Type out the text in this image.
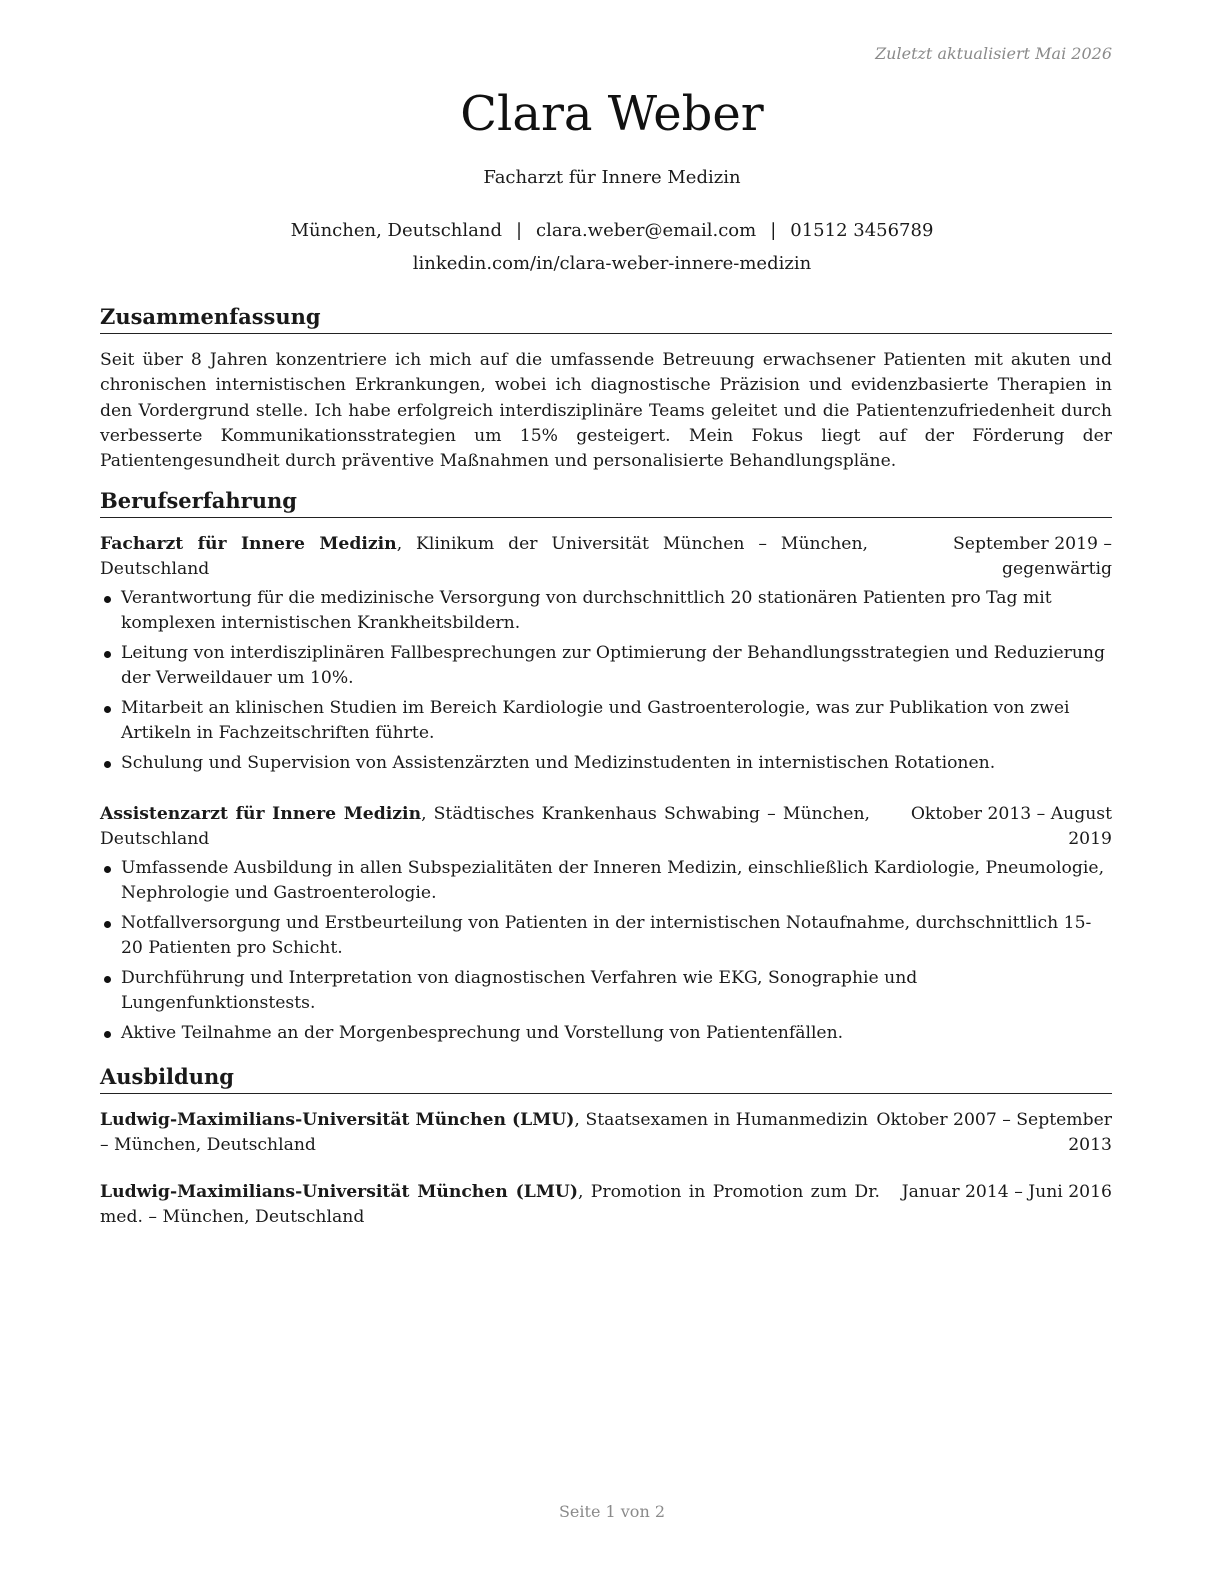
Zuletzt aktualisiert Mai 2026
Clara Weber
Facharzt für Innere Medizin
München, Deutschland | clara.weber@email.com | 01512 3456789
linkedin.com/in/clara-weber-innere-medizin
Zusammenfassung

Seit über 8 Jahren konzentriere ich mich auf die umfassende Betreuung erwachsener Patienten mit akuten und chronischen internistischen Erkrankungen, wobei ich diagnostische Präzision und evidenzbasierte Therapien in den Vordergrund stelle. Ich habe erfolgreich interdisziplinäre Teams geleitet und die Patientenzufriedenheit durch verbesserte Kommunikationsstrategien um 15% gesteigert. Mein Fokus liegt auf der Förderung der Patientengesundheit durch präventive Maßnahmen und personalisierte Behandlungspläne.

Berufserfahrung
Facharzt für Innere Medizin, Klinikum der Universität München – München, Deutschland
September 2019 – gegenwärtig
Verantwortung für die medizinische Versorgung von durchschnittlich 20 stationären Patienten pro Tag mit komplexen internistischen Krankheitsbildern.
Leitung von interdisziplinären Fallbesprechungen zur Optimierung der Behandlungsstrategien und Reduzierung der Verweildauer um 10%.
Mitarbeit an klinischen Studien im Bereich Kardiologie und Gastroenterologie, was zur Publikation von zwei Artikeln in Fachzeitschriften führte.
Schulung und Supervision von Assistenzärzten und Medizinstudenten in internistischen Rotationen.
Assistenzarzt für Innere Medizin, Städtisches Krankenhaus Schwabing – München, Deutschland
Oktober 2013 – August 2019
Umfassende Ausbildung in allen Subspezialitäten der Inneren Medizin, einschließlich Kardiologie, Pneumologie, Nephrologie und Gastroenterologie.
Notfallversorgung und Erstbeurteilung von Patienten in der internistischen Notaufnahme, durchschnittlich 15-20 Patienten pro Schicht.
Durchführung und Interpretation von diagnostischen Verfahren wie EKG, Sonographie und Lungenfunktionstests.
Aktive Teilnahme an der Morgenbesprechung und Vorstellung von Patientenfällen.
Ausbildung
Ludwig-Maximilians-Universität München (LMU), Staatsexamen in Humanmedizin – München, Deutschland
Oktober 2007 – September 2013
Ludwig-Maximilians-Universität München (LMU), Promotion in Promotion zum Dr. med. – München, Deutschland
Januar 2014 – Juni 2016
Seite 1 von 2
